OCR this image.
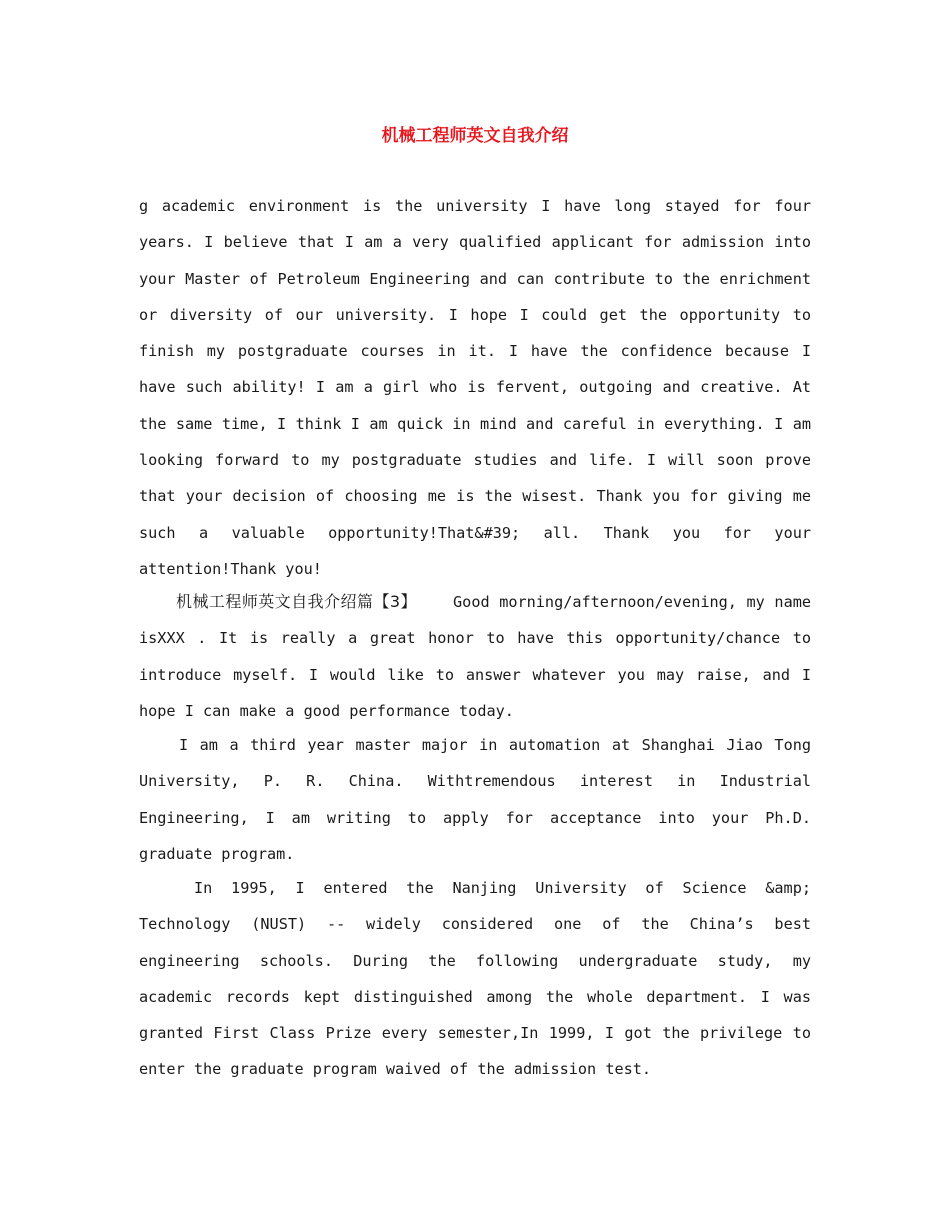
机械工程师英文自我介绍

g academic environment is the university I have long stayed for four years. I believe that I am a very qualified applicant for admission into your Master of Petroleum Engineering and can contribute to the enrichment or diversity of our university. I hope I could get the opportunity to finish my postgraduate courses in it. I have the confidence because I have such ability! I am a girl who is fervent, outgoing and creative. At the same time, I think I am quick in mind and careful in everything. I am looking forward to my postgraduate studies and life. I will soon prove that your decision of choosing me is the wisest. Thank you for giving me such a valuable opportunity!That&#39; all. Thank you for your attention!Thank you!

机械工程师英文自我介绍篇【3】 Good morning/afternoon/evening, my name isXXX . It is really a great honor to have this opportunity/chance to introduce myself. I would like to answer whatever you may raise, and I hope I can make a good performance today.

I am a third year master major in automation at Shanghai Jiao Tong University, P. R. China. Withtremendous interest in Industrial Engineering, I am writing to apply for acceptance into your Ph.D. graduate program.

In 1995, I entered the Nanjing University of Science &amp; Technology (NUST) -- widely considered one of the China’s best engineering schools. During the following undergraduate study, my academic records kept distinguished among the whole department. I was granted First Class Prize every semester,In 1999, I got the privilege to enter the graduate program waived of the admission test.
